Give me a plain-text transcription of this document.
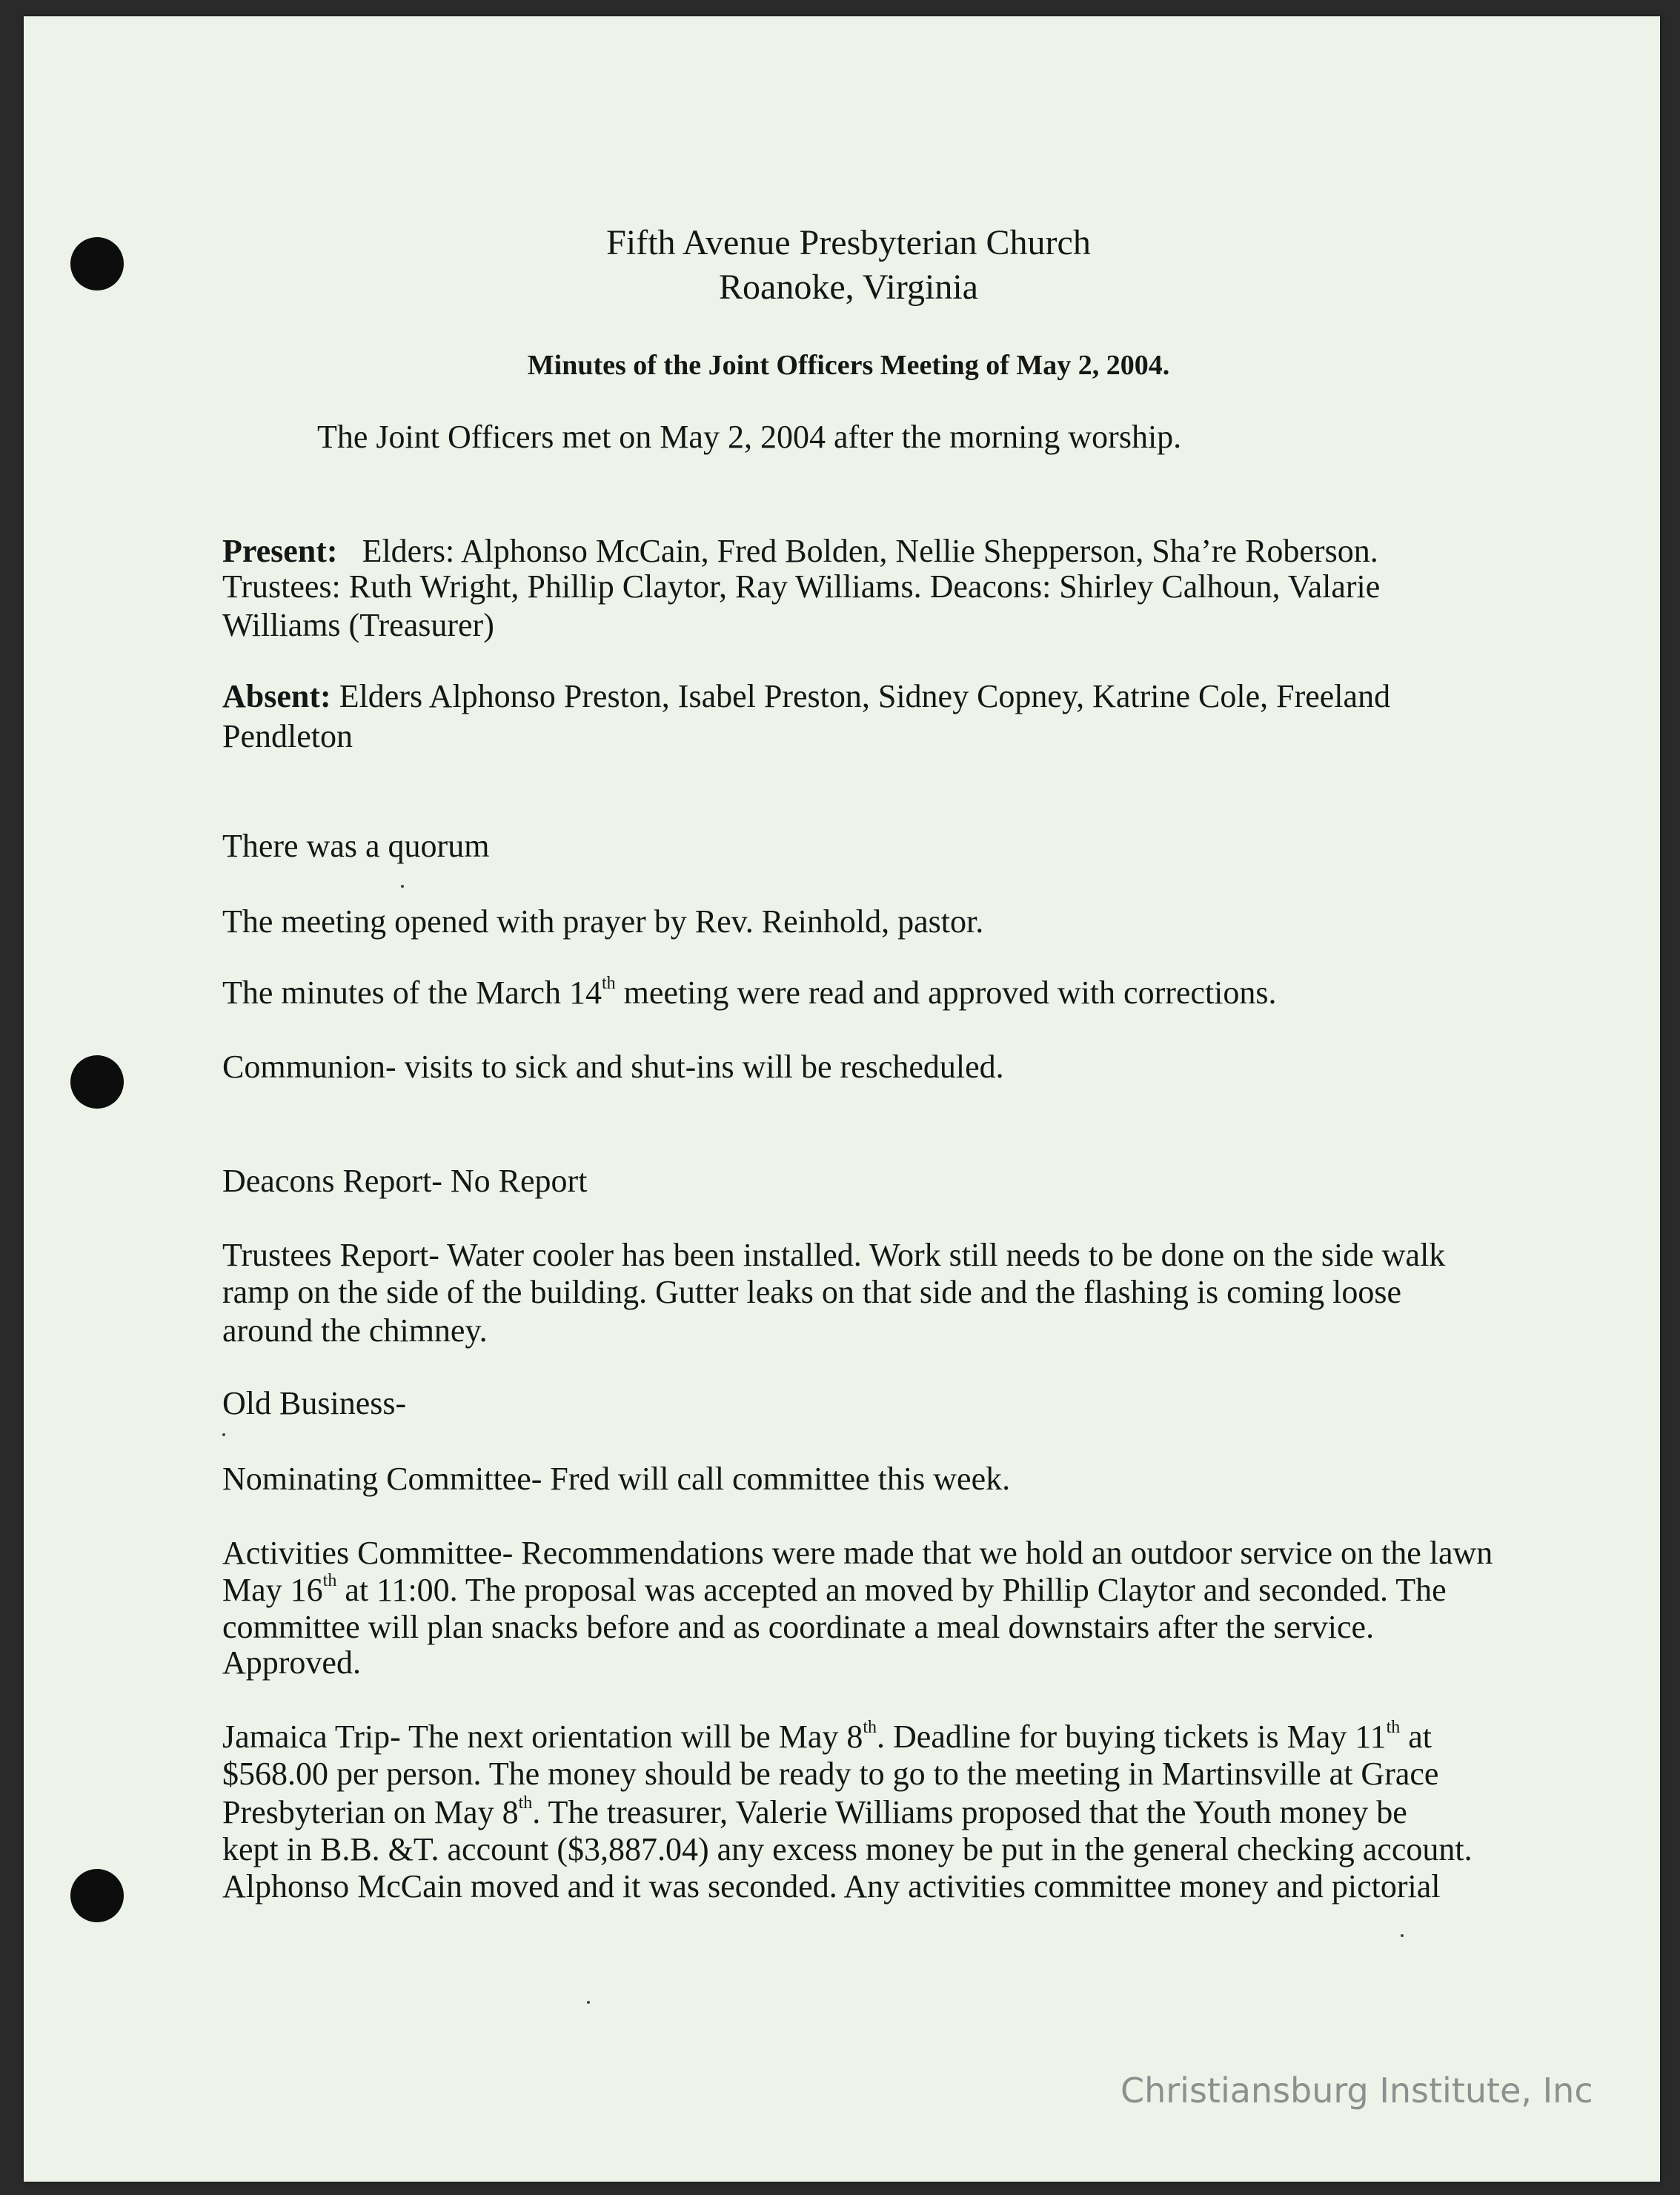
Fifth Avenue Presbyterian Church
Roanoke, Virginia
Minutes of the Joint Officers Meeting of May 2, 2004.
The Joint Officers met on May 2, 2004 after the morning worship.
Present: Elders: Alphonso McCain, Fred Bolden, Nellie Shepperson, Sha’re Roberson.
Trustees: Ruth Wright, Phillip Claytor, Ray Williams. Deacons: Shirley Calhoun, Valarie
Williams (Treasurer)
Absent: Elders Alphonso Preston, Isabel Preston, Sidney Copney, Katrine Cole, Freeland
Pendleton
There was a quorum
The meeting opened with prayer by Rev. Reinhold, pastor.
The minutes of the March 14th meeting were read and approved with corrections.
Communion- visits to sick and shut-ins will be rescheduled.
Deacons Report- No Report
Trustees Report- Water cooler has been installed. Work still needs to be done on the side walk
ramp on the side of the building. Gutter leaks on that side and the flashing is coming loose
around the chimney.
Old Business-
Nominating Committee- Fred will call committee this week.
Activities Committee- Recommendations were made that we hold an outdoor service on the lawn
May 16th at 11:00. The proposal was accepted an moved by Phillip Claytor and seconded. The
committee will plan snacks before and as coordinate a meal downstairs after the service.
Approved.
Jamaica Trip- The next orientation will be May 8th. Deadline for buying tickets is May 11th at
$568.00 per person. The money should be ready to go to the meeting in Martinsville at Grace
Presbyterian on May 8th. The treasurer, Valerie Williams proposed that the Youth money be
kept in B.B. &T. account ($3,887.04) any excess money be put in the general checking account.
Alphonso McCain moved and it was seconded. Any activities committee money and pictorial
Christiansburg Institute, Inc
